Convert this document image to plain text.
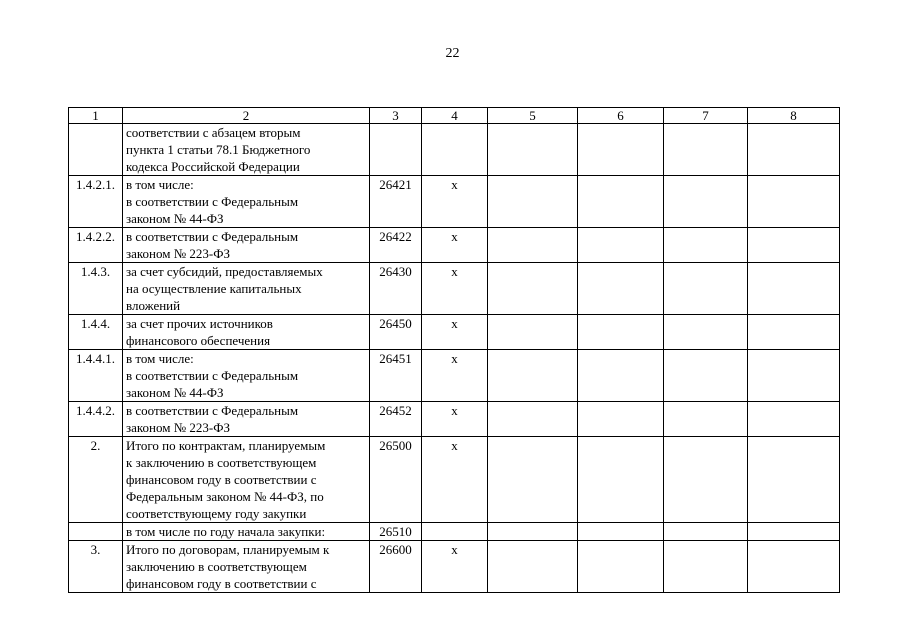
22
1	2	3	4	5	6	7	8

	соответствии с абзацем вторым
пункта 1 статьи 78.1 Бюджетного
кодекса Российской Федерации						

1.4.2.1.	в том числе:
в соответствии с Федеральным
законом № 44-ФЗ	26421	х				
1.4.2.2.	в соответствии с Федеральным
законом № 223-ФЗ	26422	х				
1.4.3.	за счет субсидий, предоставляемых
на осуществление капитальных
вложений	26430	х				
1.4.4.	за счет прочих источников
финансового обеспечения	26450	х				
1.4.4.1.	в том числе:
в соответствии с Федеральным
законом № 44-ФЗ	26451	х				
1.4.4.2.	в соответствии с Федеральным
законом № 223-ФЗ	26452	х				
2.	Итого по контрактам, планируемым
к заключению в соответствующем
финансовом году в соответствии с
Федеральным законом № 44-ФЗ, по
соответствующему году закупки	26500	х				

	в том числе по году начала закупки:	26510					
3.	Итого по договорам, планируемым к
заключению в соответствующем
финансовом году в соответствии с	26600	х				
